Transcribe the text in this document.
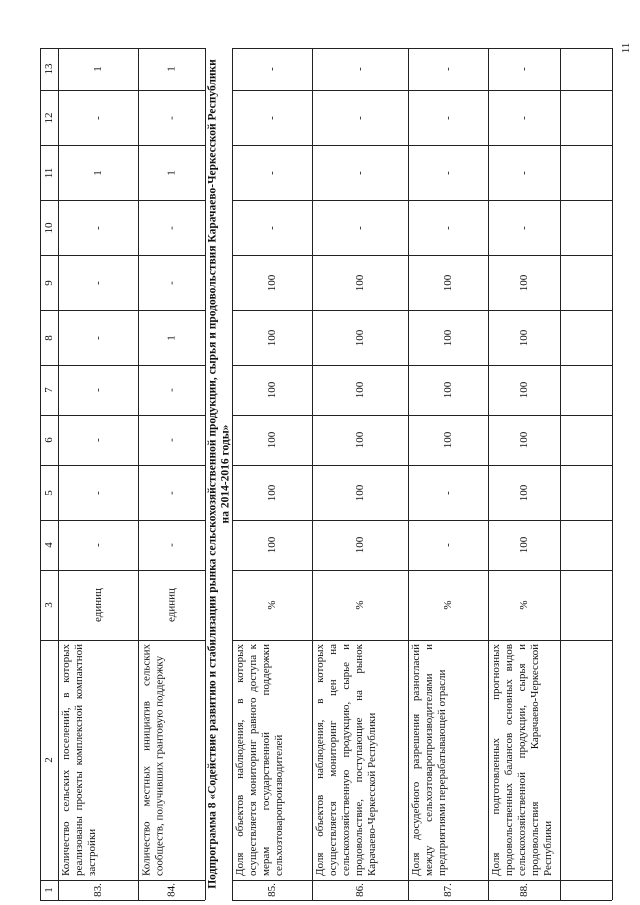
11
1
2
3
4
5
6
7
8
9
10
11
12
13
83.
Количество сельских поселений, в которых реализованы проекты комплексной компактной застройки
единиц
-
-
-
-
-
-
-
1
-
1
84.
Количество местных инициатив сельских сообществ, получивших грантовую поддержку
единиц
-
-
-
-
1
-
-
1
-
1
85.
Доля объектов наблюдения, в которых осуществляется мониторинг равного доступа к мерам государственной поддержки сельхозтоваропроизводителей
%
100
100
100
100
100
100
-
-
-
-
86.
Доля объектов наблюдения, в которых осуществляется мониторинг цен на сельскохозяйственную продукцию, сырье и продовольствие, поступающие на рынок Карачаево-Черкесской Республики
%
100
100
100
100
100
100
-
-
-
-
87.
Доля досудебного разрешения разногласий между сельхозтоваропроизводителями и предприятиями перерабатывающей отрасли
%
-
-
100
100
100
100
-
-
-
-
88.
Доля подготовленных прогнозных продовольственных балансов основных видов сельскохозяйственной продукции, сырья и продовольствия Карачаево-Черкесской Республики
%
100
100
100
100
100
100
-
-
-
-
Подпрограмма 8 «Содействие развитию и стабилизации рынка сельскохозяйственной продукции, сырья и продовольствия Карачаево-Черкесской Республики на 2014-2016 годы»
